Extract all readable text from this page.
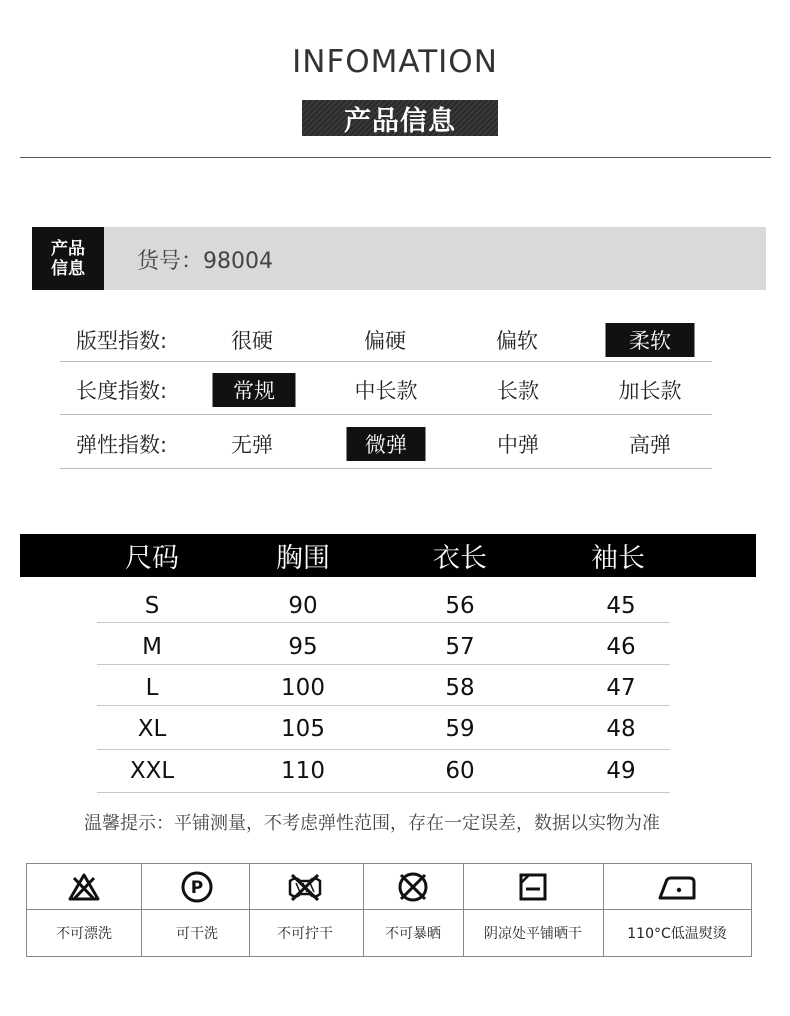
INFOMATION
产品信息
产品
信息 货号：98004
版型指数:	很硬	偏硬	偏软	柔软
长度指数:	常规	中长款	长款	加长款
弹性指数:	无弹	微弹	中弹	高弹
尺码	胸围	衣长	袖长
S	90	56	45
M	95	57	46
L	100	58	47
XL	105	59	48
XXL	110	60	49
温馨提示：平铺测量，不考虑弹性范围，存在一定误差，数据以实物为准
P
不可漂洗	可干洗	不可拧干	不可暴晒	阴凉处平铺晒干	110°C低温熨烫
